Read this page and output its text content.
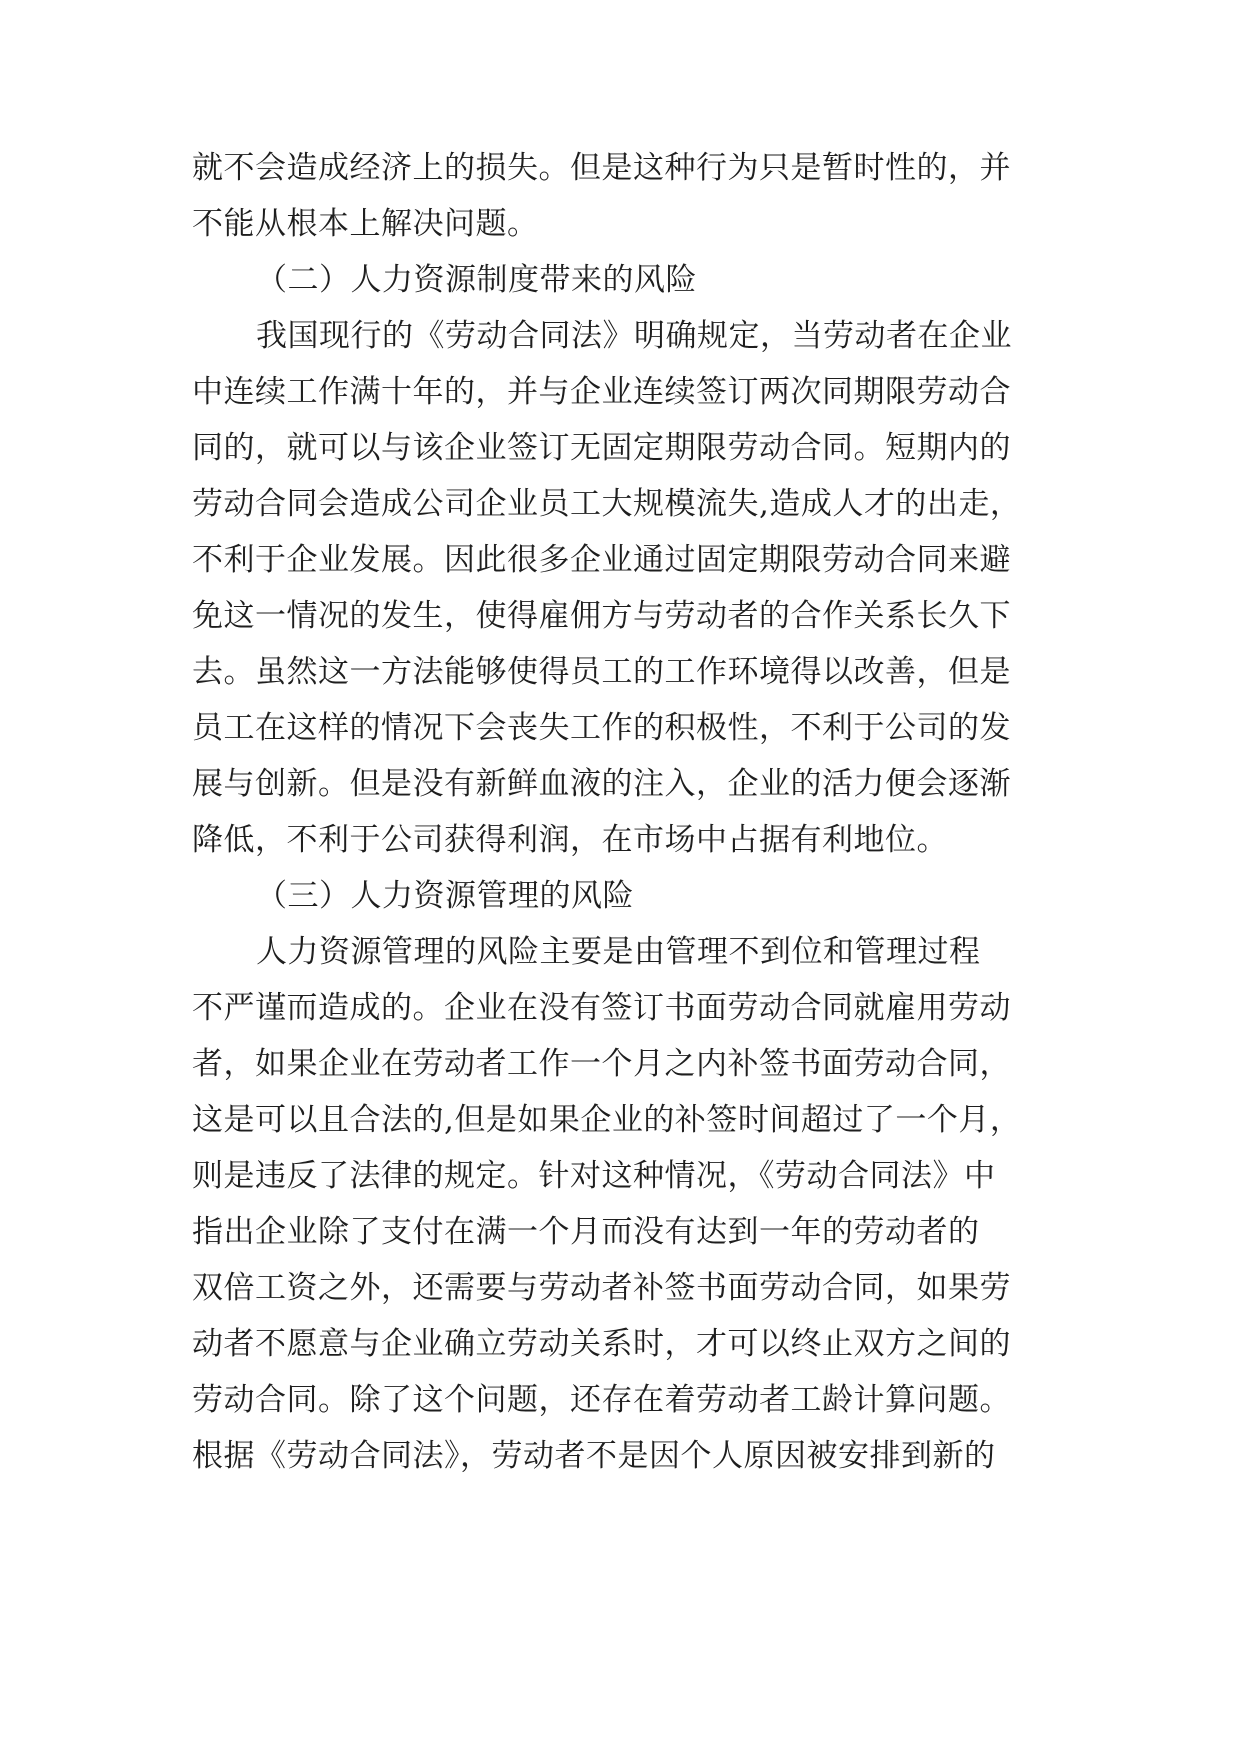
就不会造成经济上的损失。但是这种行为只是暂时性的，并
不能从根本上解决问题。
（二）人力资源制度带来的风险
我国现行的《劳动合同法》明确规定，当劳动者在企业
中连续工作满十年的，并与企业连续签订两次同期限劳动合
同的，就可以与该企业签订无固定期限劳动合同。短期内的
劳动合同会造成公司企业员工大规模流失,造成人才的出走，
不利于企业发展。因此很多企业通过固定期限劳动合同来避
免这一情况的发生，使得雇佣方与劳动者的合作关系长久下
去。虽然这一方法能够使得员工的工作环境得以改善，但是
员工在这样的情况下会丧失工作的积极性，不利于公司的发
展与创新。但是没有新鲜血液的注入，企业的活力便会逐渐
降低，不利于公司获得利润，在市场中占据有利地位。
（三）人力资源管理的风险
人力资源管理的风险主要是由管理不到位和管理过程
不严谨而造成的。企业在没有签订书面劳动合同就雇用劳动
者，如果企业在劳动者工作一个月之内补签书面劳动合同，
这是可以且合法的,但是如果企业的补签时间超过了一个月，
则是违反了法律的规定。针对这种情况，《劳动合同法》中
指出企业除了支付在满一个月而没有达到一年的劳动者的
双倍工资之外，还需要与劳动者补签书面劳动合同，如果劳
动者不愿意与企业确立劳动关系时，才可以终止双方之间的
劳动合同。除了这个问题，还存在着劳动者工龄计算问题。
根据《劳动合同法》，劳动者不是因个人原因被安排到新的
